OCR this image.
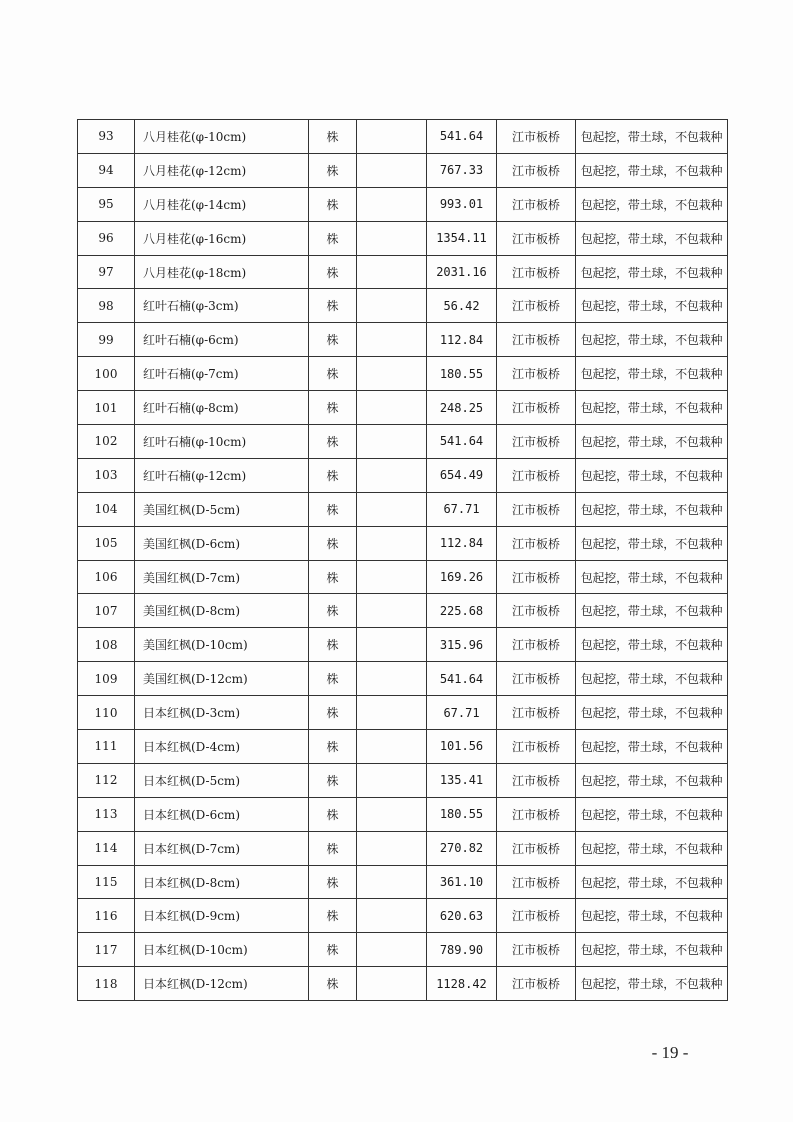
93	八月桂花(φ-10cm)	株		541.64	江市板桥	包起挖，带土球，不包栽种
94	八月桂花(φ-12cm)	株		767.33	江市板桥	包起挖，带土球，不包栽种
95	八月桂花(φ-14cm)	株		993.01	江市板桥	包起挖，带土球，不包栽种
96	八月桂花(φ-16cm)	株		1354.11	江市板桥	包起挖，带土球，不包栽种
97	八月桂花(φ-18cm)	株		2031.16	江市板桥	包起挖，带土球，不包栽种
98	红叶石楠(φ-3cm)	株		56.42	江市板桥	包起挖，带土球，不包栽种
99	红叶石楠(φ-6cm)	株		112.84	江市板桥	包起挖，带土球，不包栽种
100	红叶石楠(φ-7cm)	株		180.55	江市板桥	包起挖，带土球，不包栽种
101	红叶石楠(φ-8cm)	株		248.25	江市板桥	包起挖，带土球，不包栽种
102	红叶石楠(φ-10cm)	株		541.64	江市板桥	包起挖，带土球，不包栽种
103	红叶石楠(φ-12cm)	株		654.49	江市板桥	包起挖，带土球，不包栽种
104	美国红枫(D-5cm)	株		67.71	江市板桥	包起挖，带土球，不包栽种
105	美国红枫(D-6cm)	株		112.84	江市板桥	包起挖，带土球，不包栽种
106	美国红枫(D-7cm)	株		169.26	江市板桥	包起挖，带土球，不包栽种
107	美国红枫(D-8cm)	株		225.68	江市板桥	包起挖，带土球，不包栽种
108	美国红枫(D-10cm)	株		315.96	江市板桥	包起挖，带土球，不包栽种
109	美国红枫(D-12cm)	株		541.64	江市板桥	包起挖，带土球，不包栽种
110	日本红枫(D-3cm)	株		67.71	江市板桥	包起挖，带土球，不包栽种
111	日本红枫(D-4cm)	株		101.56	江市板桥	包起挖，带土球，不包栽种
112	日本红枫(D-5cm)	株		135.41	江市板桥	包起挖，带土球，不包栽种
113	日本红枫(D-6cm)	株		180.55	江市板桥	包起挖，带土球，不包栽种
114	日本红枫(D-7cm)	株		270.82	江市板桥	包起挖，带土球，不包栽种
115	日本红枫(D-8cm)	株		361.10	江市板桥	包起挖，带土球，不包栽种
116	日本红枫(D-9cm)	株		620.63	江市板桥	包起挖，带土球，不包栽种
117	日本红枫(D-10cm)	株		789.90	江市板桥	包起挖，带土球，不包栽种
118	日本红枫(D-12cm)	株		1128.42	江市板桥	包起挖，带土球，不包栽种
- 19 -
